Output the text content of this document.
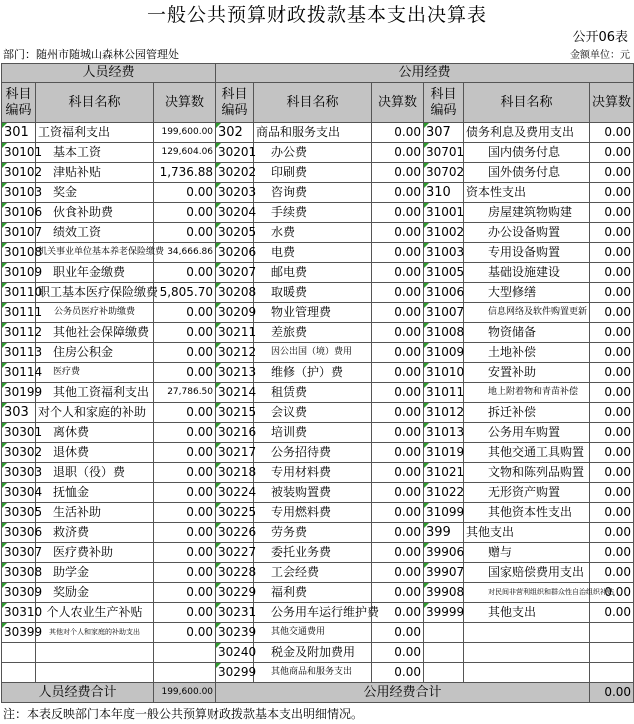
一般公共预算财政拨款基本支出决算表
公开06表
部门：随州市随城山森林公园管理处	金额单位：元
人员经费			公用经费					
科目编码	科目名称	决算数	科目编码	科目名称	决算数	科目编码	科目名称	决算数
301	工资福利支出	199,600.00	302	商品和服务支出	0.00	307	债务利息及费用支出	0.00
30101	基本工资	129,604.06	30201	办公费	0.00	30701	国内债务付息	0.00
30102	津贴补贴	1,736.88	30202	印刷费	0.00	30702	国外债务付息	0.00
30103	奖金	0.00	30203	咨询费	0.00	310	资本性支出	0.00
30106	伙食补助费	0.00	30204	手续费	0.00	31001	房屋建筑物购建	0.00
30107	绩效工资	0.00	30205	水费	0.00	31002	办公设备购置	0.00
30108	机关事业单位基本养老保险缴费	34,666.86	30206	电费	0.00	31003	专用设备购置	0.00
30109	职业年金缴费	0.00	30207	邮电费	0.00	31005	基础设施建设	0.00
30110	职工基本医疗保险缴费	5,805.70	30208	取暖费	0.00	31006	大型修缮	0.00
30111	公务员医疗补助缴费	0.00	30209	物业管理费	0.00	31007	信息网络及软件购置更新	0.00
30112	其他社会保障缴费	0.00	30211	差旅费	0.00	31008	物资储备	0.00
30113	住房公积金	0.00	30212	因公出国（境）费用	0.00	31009	土地补偿	0.00
30114	医疗费	0.00	30213	维修（护）费	0.00	31010	安置补助	0.00
30199	其他工资福利支出	27,786.50	30214	租赁费	0.00	31011	地上附着物和青苗补偿	0.00
303	对个人和家庭的补助	0.00	30215	会议费	0.00	31012	拆迁补偿	0.00
30301	离休费	0.00	30216	培训费	0.00	31013	公务用车购置	0.00
30302	退休费	0.00	30217	公务招待费	0.00	31019	其他交通工具购置	0.00
30303	退职（役）费	0.00	30218	专用材料费	0.00	31021	文物和陈列品购置	0.00
30304	抚恤金	0.00	30224	被装购置费	0.00	31022	无形资产购置	0.00
30305	生活补助	0.00	30225	专用燃料费	0.00	31099	其他资本性支出	0.00
30306	救济费	0.00	30226	劳务费	0.00	399	其他支出	0.00
30307	医疗费补助	0.00	30227	委托业务费	0.00	39906	赠与	0.00
30308	助学金	0.00	30228	工会经费	0.00	39907	国家赔偿费用支出	0.00
30309	奖励金	0.00	30229	福利费	0.00	39908	对民间非营利组织和群众性自治组织补贴	0.00
30310	个人农业生产补贴	0.00	30231	公务用车运行维护费	0.00	39999	其他支出	0.00
30399	其他对个人和家庭的补助支出	0.00	30239	其他交通费用	0.00			
			30240	税金及附加费用	0.00			
			30299	其他商品和服务支出	0.00			
人员经费合计		199,600.00	公用经费合计					0.00
注：本表反映部门本年度一般公共预算财政拨款基本支出明细情况。
